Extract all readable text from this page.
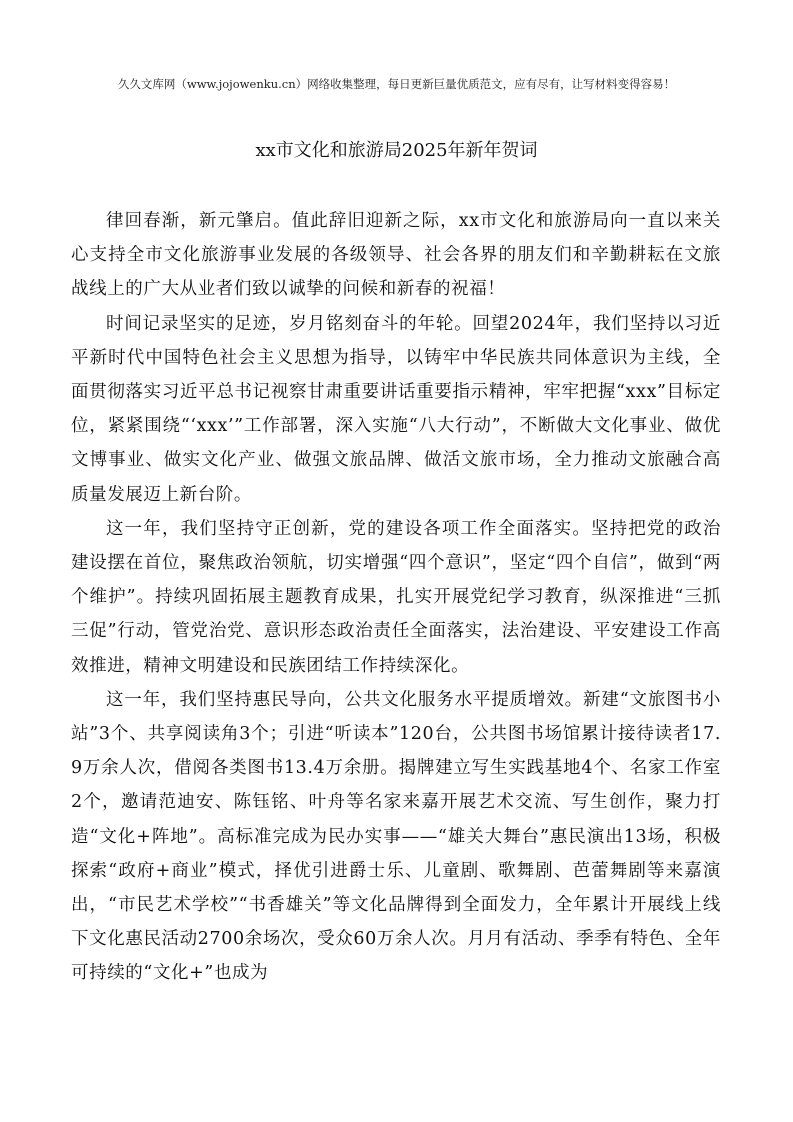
久久文库网（www.jojowenku.cn）网络收集整理，每日更新巨量优质范文，应有尽有，让写材料变得容易！
xx市文化和旅游局2025年新年贺词

律回春渐，新元肇启。值此辞旧迎新之际，xx市文化和旅游局向一直以来关心支持全市文化旅游事业发展的各级领导、社会各界的朋友们和辛勤耕耘在文旅战线上的广大从业者们致以诚挚的问候和新春的祝福！

时间记录坚实的足迹，岁月铭刻奋斗的年轮。回望2024年，我们坚持以习近平新时代中国特色社会主义思想为指导，以铸牢中华民族共同体意识为主线，全面贯彻落实习近平总书记视察甘肃重要讲话重要指示精神，牢牢把握“xxx”目标定位，紧紧围绕“‘xxx’”工作部署，深入实施“八大行动”，不断做大文化事业、做优文博事业、做实文化产业、做强文旅品牌、做活文旅市场，全力推动文旅融合高质量发展迈上新台阶。

这一年，我们坚持守正创新，党的建设各项工作全面落实。坚持把党的政治建设摆在首位，聚焦政治领航，切实增强“四个意识”，坚定“四个自信”，做到“两个维护”。持续巩固拓展主题教育成果，扎实开展党纪学习教育，纵深推进“三抓三促”行动，管党治党、意识形态政治责任全面落实，法治建设、平安建设工作高效推进，精神文明建设和民族团结工作持续深化。

这一年，我们坚持惠民导向，公共文化服务水平提质增效。新建“文旅图书小站”3个、共享阅读角3个；引进“听读本”120台，公共图书场馆累计接待读者17.9万余人次，借阅各类图书13.4万余册。揭牌建立写生实践基地4个、名家工作室2个，邀请范迪安、陈钰铭、叶舟等名家来嘉开展艺术交流、写生创作，聚力打造“文化+阵地”。高标准完成为民办实事——“雄关大舞台”惠民演出13场，积极探索“政府+商业”模式，择优引进爵士乐、儿童剧、歌舞剧、芭蕾舞剧等来嘉演出，“市民艺术学校”“书香雄关”等文化品牌得到全面发力，全年累计开展线上线下文化惠民活动2700余场次，受众60万余人次。月月有活动、季季有特色、全年可持续的“文化+”也成为
